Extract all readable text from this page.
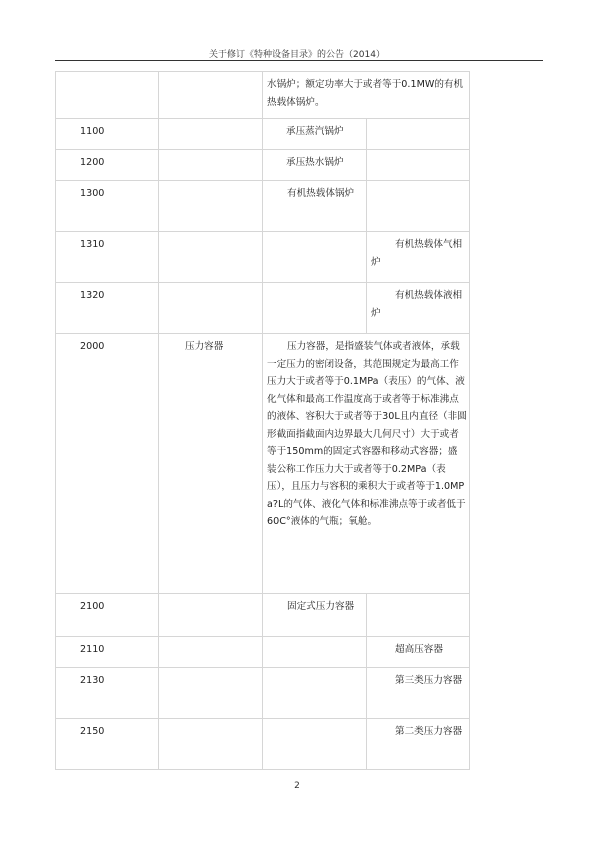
关于修订《特种设备目录》的公告（2014）

		水锅炉；额定功率大于或者等于0.1MW的有机热载体锅炉。	

1100		承压蒸汽锅炉	
1200		承压热水锅炉	
1300		有机热载体锅炉	
1310			有机热载体气相炉
1320			有机热载体液相炉
2000	压力容器	压力容器，是指盛装气体或者液体，承载一定压力的密闭设备，其范围规定为最高工作压力大于或者等于0.1MPa（表压）的气体、液化气体和最高工作温度高于或者等于标准沸点的液体、容积大于或者等于30L且内直径（非圆形截面指截面内边界最大几何尺寸）大于或者等于150mm的固定式容器和移动式容器；盛装公称工作压力大于或者等于0.2MPa（表压），且压力与容积的乘积大于或者等于1.0MPa?L的气体、液化气体和标准沸点等于或者低于60C°液体的气瓶；氧舱。	

2100		固定式压力容器	
2110			超高压容器
2130			第三类压力容器
2150			第二类压力容器
2
